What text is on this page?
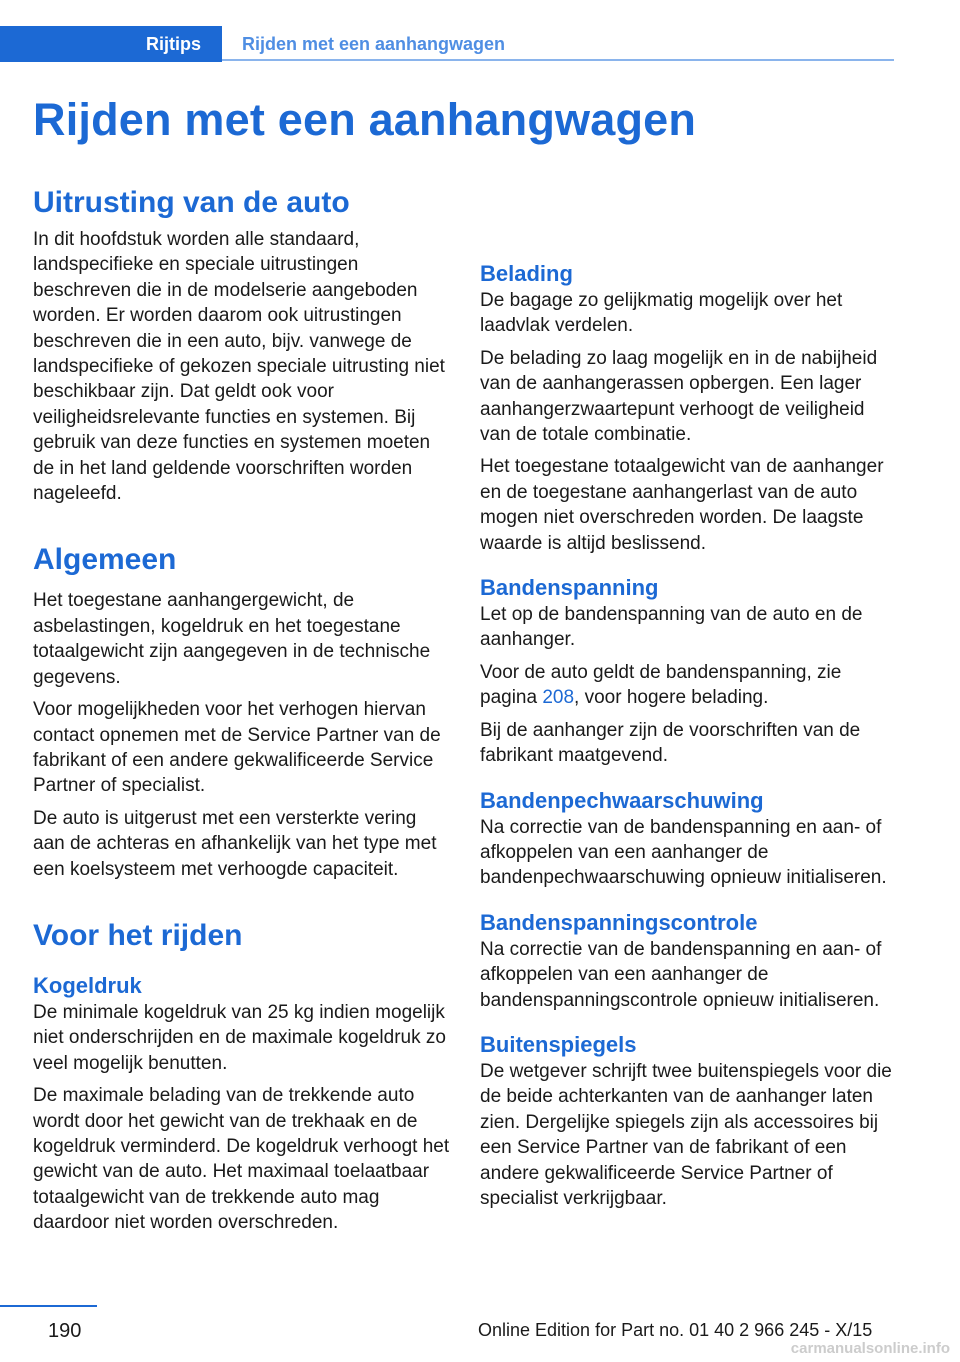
Rijtips Rijden met een aanhangwagen
Rijden met een aanhangwagen
Uitrusting van de auto

In dit hoofdstuk worden alle standaard, landspecifieke en speciale uitrustingen beschreven die in de modelserie aangeboden worden. Er worden daarom ook uitrustingen beschreven die in een auto, bijv. vanwege de landspecifieke of gekozen speciale uitrusting niet beschikbaar zijn. Dat geldt ook voor veiligheidsrelevante functies en systemen. Bij gebruik van deze functies en systemen moeten de in het land geldende voorschriften worden nageleefd.

Algemeen

Het toegestane aanhangergewicht, de asbelastingen, kogeldruk en het toegestane totaalgewicht zijn aangegeven in de technische gegevens.

Voor mogelijkheden voor het verhogen hiervan contact opnemen met de Service Partner van de fabrikant of een andere gekwalificeerde Service Partner of specialist.

De auto is uitgerust met een versterkte vering aan de achteras en afhankelijk van het type met een koelsysteem met verhoogde capaciteit.

Voor het rijden
Kogeldruk

De minimale kogeldruk van 25 kg indien mogelijk niet onderschrijden en de maximale kogeldruk zo veel mogelijk benutten.

De maximale belading van de trekkende auto wordt door het gewicht van de trekhaak en de kogeldruk verminderd. De kogeldruk verhoogt het gewicht van de auto. Het maximaal toelaatbaar totaalgewicht van de trekkende auto mag daardoor niet worden overschreden.

Belading

De bagage zo gelijkmatig mogelijk over het laadvlak verdelen.

De belading zo laag mogelijk en in de nabijheid van de aanhangerassen opbergen. Een lager aanhangerzwaartepunt verhoogt de veiligheid van de totale combinatie.

Het toegestane totaalgewicht van de aanhanger en de toegestane aanhangerlast van de auto mogen niet overschreden worden. De laagste waarde is altijd beslissend.

Bandenspanning

Let op de bandenspanning van de auto en de aanhanger.

Voor de auto geldt de bandenspanning, zie pagina 208, voor hogere belading.

Bij de aanhanger zijn de voorschriften van de fabrikant maatgevend.

Bandenpechwaarschuwing

Na correctie van de bandenspanning en aan- of afkoppelen van een aanhanger de bandenpechwaarschuwing opnieuw initialiseren.

Bandenspanningscontrole

Na correctie van de bandenspanning en aan- of afkoppelen van een aanhanger de bandenspanningscontrole opnieuw initialiseren.

Buitenspiegels

De wetgever schrijft twee buitenspiegels voor die de beide achterkanten van de aanhanger laten zien. Dergelijke spiegels zijn als accessoires bij een Service Partner van de fabrikant of een andere gekwalificeerde Service Partner of specialist verkrijgbaar.

190	Online Edition for Part no. 01 40 2 966 245 - X/15
carmanualsonline.info
